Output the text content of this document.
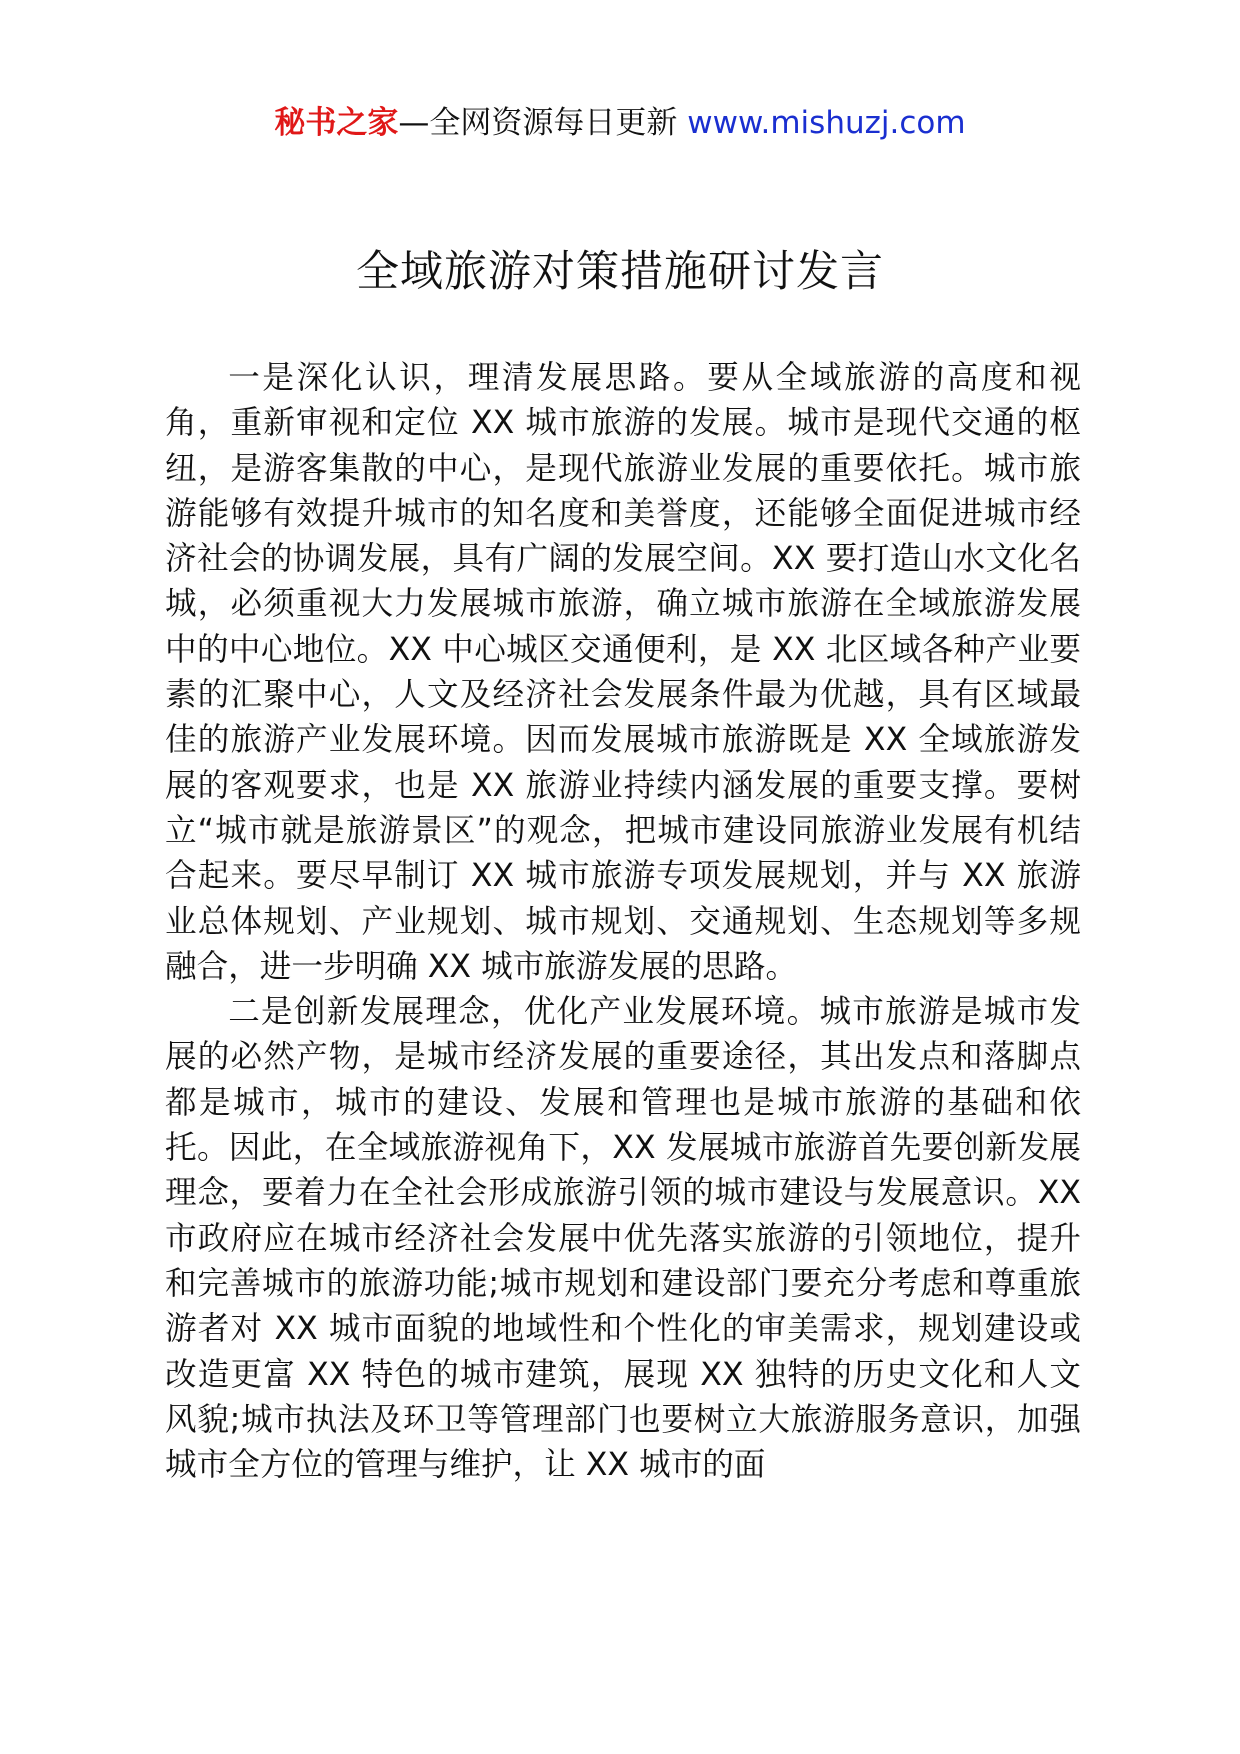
秘书之家—全网资源每日更新 www.mishuzj.com
全域旅游对策措施研讨发言

一是深化认识，理清发展思路。要从全域旅游的高度和视角，重新审视和定位 XX 城市旅游的发展。城市是现代交通的枢纽，是游客集散的中心，是现代旅游业发展的重要依托。城市旅游能够有效提升城市的知名度和美誉度，还能够全面促进城市经济社会的协调发展，具有广阔的发展空间。XX 要打造山水文化名城，必须重视大力发展城市旅游，确立城市旅游在全域旅游发展中的中心地位。XX 中心城区交通便利，是 XX 北区域各种产业要素的汇聚中心，人文及经济社会发展条件最为优越，具有区域最佳的旅游产业发展环境。因而发展城市旅游既是 XX 全域旅游发展的客观要求，也是 XX 旅游业持续内涵发展的重要支撑。要树立“城市就是旅游景区”的观念，把城市建设同旅游业发展有机结合起来。要尽早制订 XX 城市旅游专项发展规划，并与 XX 旅游业总体规划、产业规划、城市规划、交通规划、生态规划等多规融合，进一步明确 XX 城市旅游发展的思路。

二是创新发展理念，优化产业发展环境。城市旅游是城市发展的必然产物，是城市经济发展的重要途径，其出发点和落脚点都是城市，城市的建设、发展和管理也是城市旅游的基础和依托。因此，在全域旅游视角下，XX 发展城市旅游首先要创新发展理念，要着力在全社会形成旅游引领的城市建设与发展意识。XX 市政府应在城市经济社会发展中优先落实旅游的引领地位，提升和完善城市的旅游功能;城市规划和建设部门要充分考虑和尊重旅游者对 XX 城市面貌的地域性和个性化的审美需求，规划建设或改造更富 XX 特色的城市建筑，展现 XX 独特的历史文化和人文风貌;城市执法及环卫等管理部门也要树立大旅游服务意识，加强城市全方位的管理与维护，让 XX 城市的面
